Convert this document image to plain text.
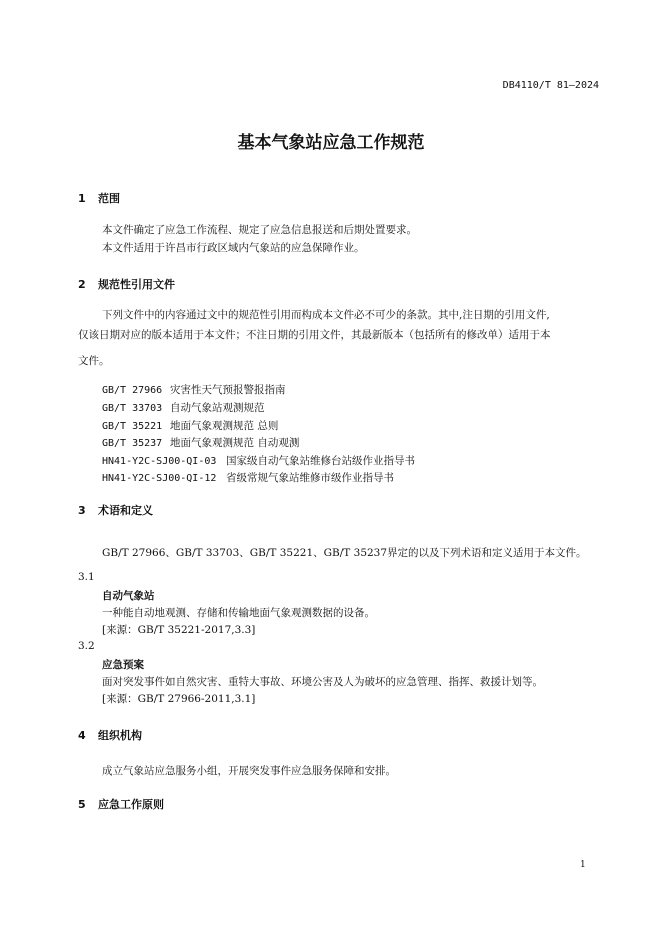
DB4110/T 81—2024
基本气象站应急工作规范
1 范围
本文件确定了应急工作流程、规定了应急信息报送和后期处置要求。
本文件适用于许昌市行政区域内气象站的应急保障作业。
2 规范性引用文件
下列文件中的内容通过文中的规范性引用而构成本文件必不可少的条款。其中,注日期的引用文件,
仅该日期对应的版本适用于本文件；不注日期的引用文件，其最新版本（包括所有的修改单）适用于本
文件。
GB/T 27966 灾害性天气预报警报指南
GB/T 33703 自动气象站观测规范
GB/T 35221 地面气象观测规范 总则
GB/T 35237 地面气象观测规范 自动观测
HN41-Y2C-SJ00-QI-03 国家级自动气象站维修台站级作业指导书
HN41-Y2C-SJ00-QI-12 省级常规气象站维修市级作业指导书
3 术语和定义
GB/T 27966、GB/T 33703、GB/T 35221、GB/T 35237界定的以及下列术语和定义适用于本文件。
3.1
自动气象站
一种能自动地观测、存储和传输地面气象观测数据的设备。
[来源：GB/T 35221-2017,3.3]
3.2
应急预案
面对突发事件如自然灾害、重特大事故、环境公害及人为破坏的应急管理、指挥、救援计划等。
[来源：GB/T 27966-2011,3.1]
4 组织机构
成立气象站应急服务小组，开展突发事件应急服务保障和安排。
5 应急工作原则
1
